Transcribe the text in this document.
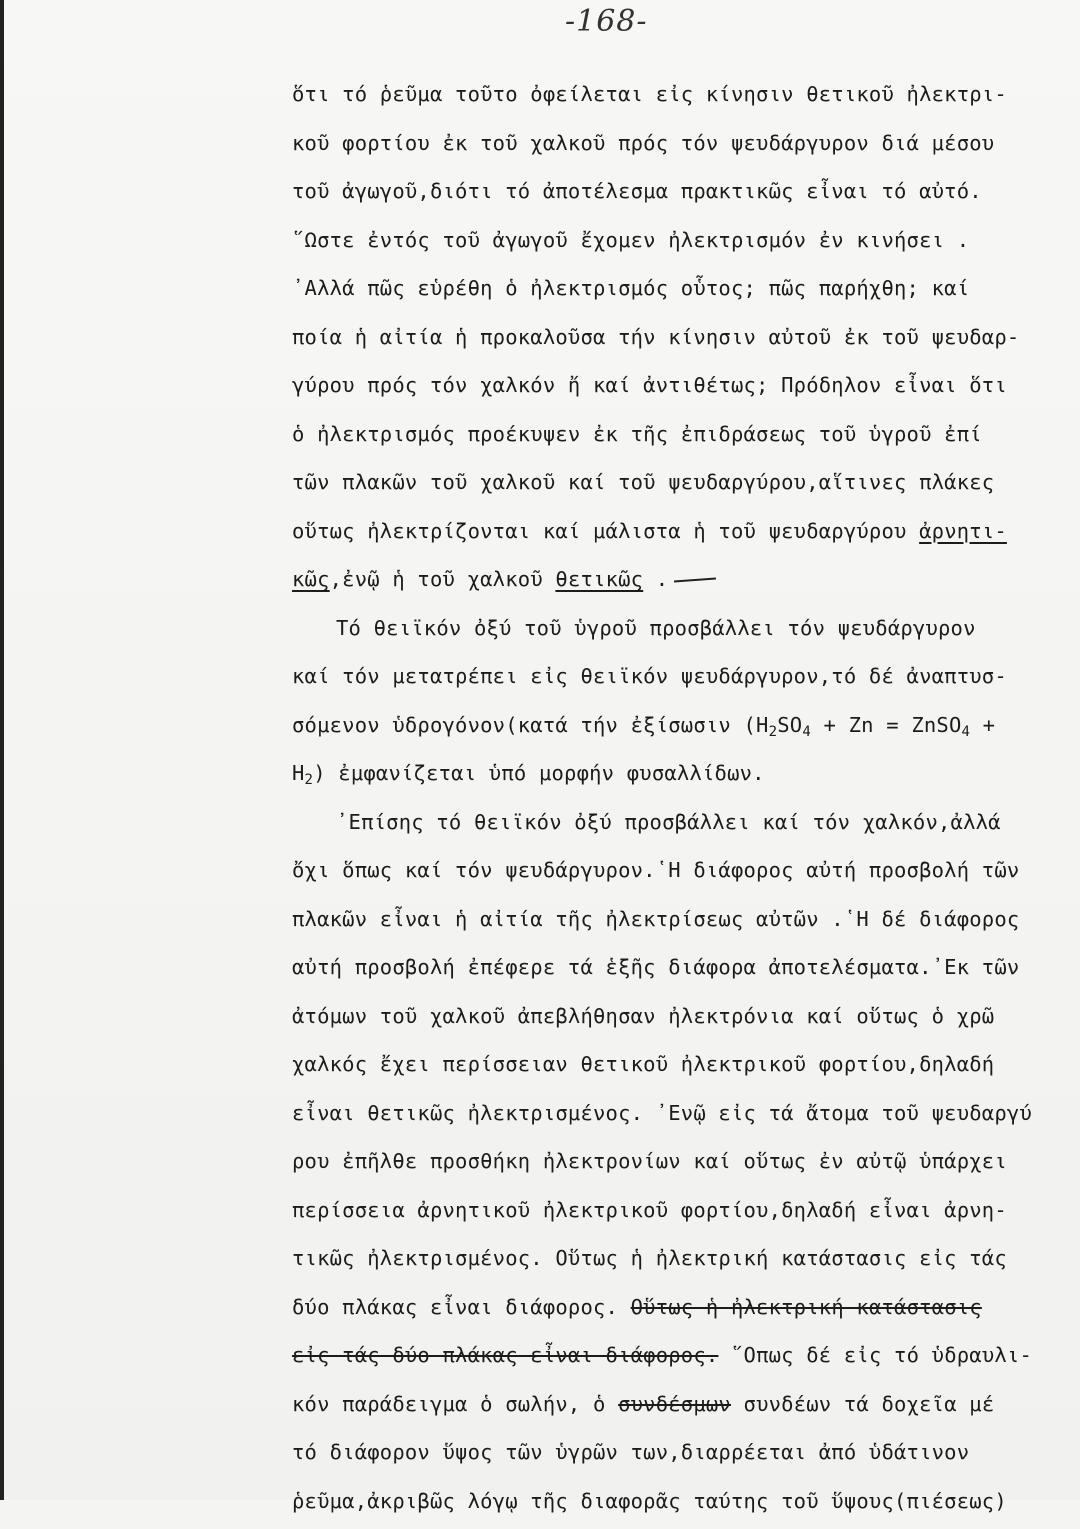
-168-
ὅτι τό ῥεῦμα τοῦτο ὀφείλεται εἰς κίνησιν θετικοῦ ἠλεκτρι-
κοῦ φορτίου ἐκ τοῦ χαλκοῦ πρός τόν ψευδάργυρον διά μέσου
τοῦ ἀγωγοῦ,διότι τό ἀποτέλεσμα πρακτικῶς εἶναι τό αὐτό.
῞Ωστε ἐντός τοῦ ἀγωγοῦ ἔχομεν ἠλεκτρισμόν ἐν κινήσει .
᾽Αλλά πῶς εὑρέθη ὁ ἠλεκτρισμός οὗτος; πῶς παρήχθη; καί
ποία ἡ αἰτία ἡ προκαλοῦσα τήν κίνησιν αὐτοῦ ἐκ τοῦ ψευδαρ-
γύρου πρός τόν χαλκόν ἤ καί ἀντιθέτως; Πρόδηλον εἶναι ὅτι
ὁ ἠλεκτρισμός προέκυψεν ἐκ τῆς ἐπιδράσεως τοῦ ὑγροῦ ἐπί
τῶν πλακῶν τοῦ χαλκοῦ καί τοῦ ψευδαργύρου,αἵτινες πλάκες
οὕτως ἠλεκτρίζονται καί μάλιστα ἡ τοῦ ψευδαργύρου ἀρνητι-
κῶς,ἐνῷ ἡ τοῦ χαλκοῦ θετικῶς .
Τό θειϊκόν ὀξύ τοῦ ὑγροῦ προσβάλλει τόν ψευδάργυρον
καί τόν μετατρέπει εἰς θειϊκόν ψευδάργυρον,τό δέ ἀναπτυσ-
σόμενον ὑδρογόνον(κατά τήν ἐξίσωσιν (H2SO4 + Zn = ZnSO4 +
H2) ἐμφανίζεται ὑπό μορφήν φυσαλλίδων.
᾽Επίσης τό θειϊκόν ὀξύ προσβάλλει καί τόν χαλκόν,ἀλλά
ὄχι ὅπως καί τόν ψευδάργυρον.῾Η διάφορος αὐτή προσβολή τῶν
πλακῶν εἶναι ἡ αἰτία τῆς ἠλεκτρίσεως αὐτῶν .῾Η δέ διάφορος
αὐτή προσβολή ἐπέφερε τά ἑξῆς διάφορα ἀποτελέσματα.᾽Εκ τῶν
ἀτόμων τοῦ χαλκοῦ ἀπεβλήθησαν ἠλεκτρόνια καί οὕτως ὁ χρῶ
χαλκός ἔχει περίσσειαν θετικοῦ ἠλεκτρικοῦ φορτίου,δηλαδή
εἶναι θετικῶς ἠλεκτρισμένος. ᾽Ενῷ εἰς τά ἄτομα τοῦ ψευδαργύ
ρου ἐπῆλθε προσθήκη ἠλεκτρονίων καί οὕτως ἐν αὐτῷ ὑπάρχει
περίσσεια ἀρνητικοῦ ἠλεκτρικοῦ φορτίου,δηλαδή εἶναι ἀρνη-
τικῶς ἠλεκτρισμένος. Οὕτως ἡ ἠλεκτρική κατάστασις εἰς τάς
δύο πλάκας εἶναι διάφορος. Οὕτως ἡ ἠλεκτρική κατάστασις
εἰς τάς δύο πλάκας εἶναι διάφορος. ῞Οπως δέ εἰς τό ὑδραυλι-
κόν παράδειγμα ὁ σωλήν, ὁ συνδέσμων συνδέων τά δοχεῖα μέ
τό διάφορον ὕψος τῶν ὑγρῶν των,διαρρέεται ἀπό ὑδάτινον
ῥεῦμα,ἀκριβῶς λόγῳ τῆς διαφορᾶς ταύτης τοῦ ὕψους(πιέσεως)
